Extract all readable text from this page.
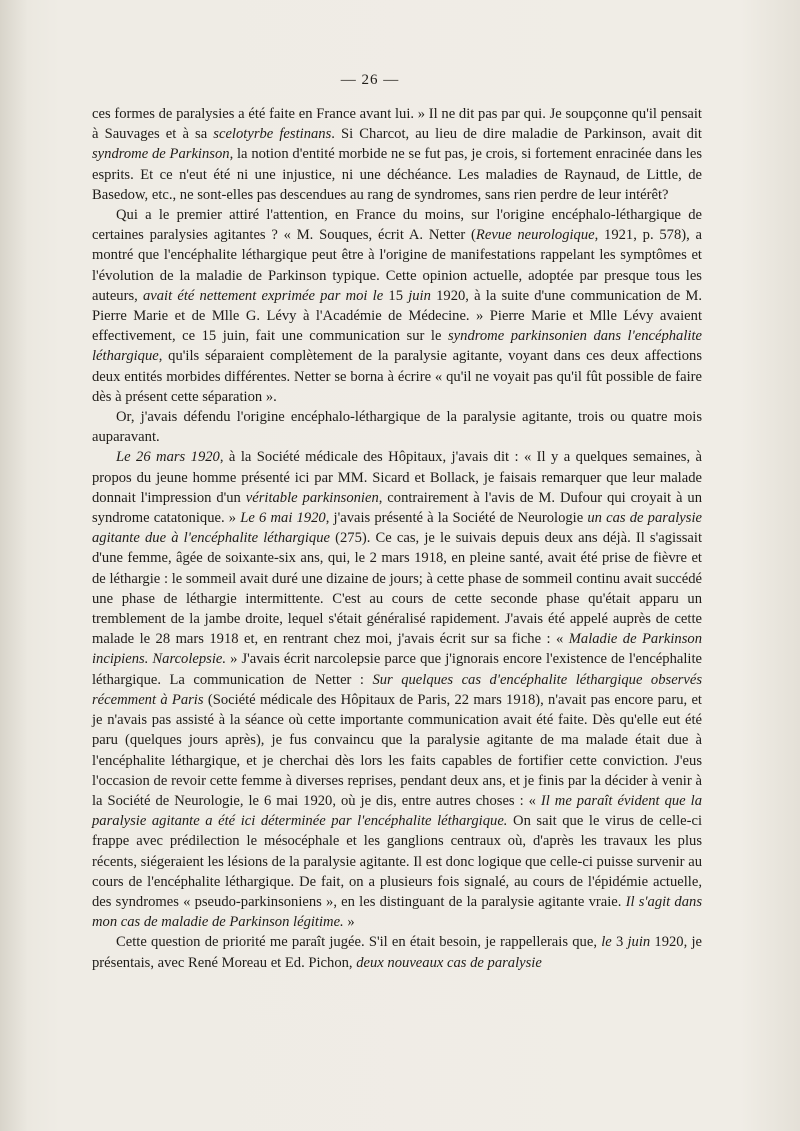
— 26 —

ces formes de paralysies a été faite en France avant lui. » Il ne dit pas par qui. Je soupçonne qu'il pensait à Sauvages et à sa scelotyrbe festinans. Si Charcot, au lieu de dire maladie de Parkinson, avait dit syndrome de Parkinson, la notion d'entité morbide ne se fut pas, je crois, si fortement enracinée dans les esprits. Et ce n'eut été ni une injustice, ni une déchéance. Les maladies de Raynaud, de Little, de Basedow, etc., ne sont-elles pas descendues au rang de syndromes, sans rien perdre de leur intérêt?

Qui a le premier attiré l'attention, en France du moins, sur l'origine encéphalo-léthargique de certaines paralysies agitantes ? « M. Souques, écrit A. Netter (Revue neurologique, 1921, p. 578), a montré que l'encéphalite léthargique peut être à l'origine de manifestations rappelant les symptômes et l'évolution de la maladie de Parkinson typique. Cette opinion actuelle, adoptée par presque tous les auteurs, avait été nettement exprimée par moi le 15 juin 1920, à la suite d'une communication de M. Pierre Marie et de Mlle G. Lévy à l'Académie de Médecine. » Pierre Marie et Mlle Lévy avaient effectivement, ce 15 juin, fait une communication sur le syndrome parkinsonien dans l'encéphalite léthargique, qu'ils séparaient complètement de la paralysie agitante, voyant dans ces deux affections deux entités morbides différentes. Netter se borna à écrire « qu'il ne voyait pas qu'il fût possible de faire dès à présent cette séparation ».

Or, j'avais défendu l'origine encéphalo-léthargique de la paralysie agitante, trois ou quatre mois auparavant.

Le 26 mars 1920, à la Société médicale des Hôpitaux, j'avais dit : « Il y a quelques semaines, à propos du jeune homme présenté ici par MM. Sicard et Bollack, je faisais remarquer que leur malade donnait l'impression d'un véritable parkinsonien, contrairement à l'avis de M. Dufour qui croyait à un syndrome catatonique. » Le 6 mai 1920, j'avais présenté à la Société de Neurologie un cas de paralysie agitante due à l'encéphalite léthargique (275). Ce cas, je le suivais depuis deux ans déjà. Il s'agissait d'une femme, âgée de soixante-six ans, qui, le 2 mars 1918, en pleine santé, avait été prise de fièvre et de léthargie : le sommeil avait duré une dizaine de jours; à cette phase de sommeil continu avait succédé une phase de léthargie intermittente. C'est au cours de cette seconde phase qu'était apparu un tremblement de la jambe droite, lequel s'était généralisé rapidement. J'avais été appelé auprès de cette malade le 28 mars 1918 et, en rentrant chez moi, j'avais écrit sur sa fiche : « Maladie de Parkinson incipiens. Narcolepsie. » J'avais écrit narcolepsie parce que j'ignorais encore l'existence de l'encéphalite léthargique. La communication de Netter : Sur quelques cas d'encéphalite léthargique observés récemment à Paris (Société médicale des Hôpitaux de Paris, 22 mars 1918), n'avait pas encore paru, et je n'avais pas assisté à la séance où cette importante communication avait été faite. Dès qu'elle eut été paru (quelques jours après), je fus convaincu que la paralysie agitante de ma malade était due à l'encéphalite léthargique, et je cherchai dès lors les faits capables de fortifier cette conviction. J'eus l'occasion de revoir cette femme à diverses reprises, pendant deux ans, et je finis par la décider à venir à la Société de Neurologie, le 6 mai 1920, où je dis, entre autres choses : « Il me paraît évident que la paralysie agitante a été ici déterminée par l'encéphalite léthargique. On sait que le virus de celle-ci frappe avec prédilection le mésocéphale et les ganglions centraux où, d'après les travaux les plus récents, siégeraient les lésions de la paralysie agitante. Il est donc logique que celle-ci puisse survenir au cours de l'encéphalite léthargique. De fait, on a plusieurs fois signalé, au cours de l'épidémie actuelle, des syndromes « pseudo-parkinsoniens », en les distinguant de la paralysie agitante vraie. Il s'agit dans mon cas de maladie de Parkinson légitime. »

Cette question de priorité me paraît jugée. S'il en était besoin, je rappellerais que, le 3 juin 1920, je présentais, avec René Moreau et Ed. Pichon, deux nouveaux cas de paralysie
